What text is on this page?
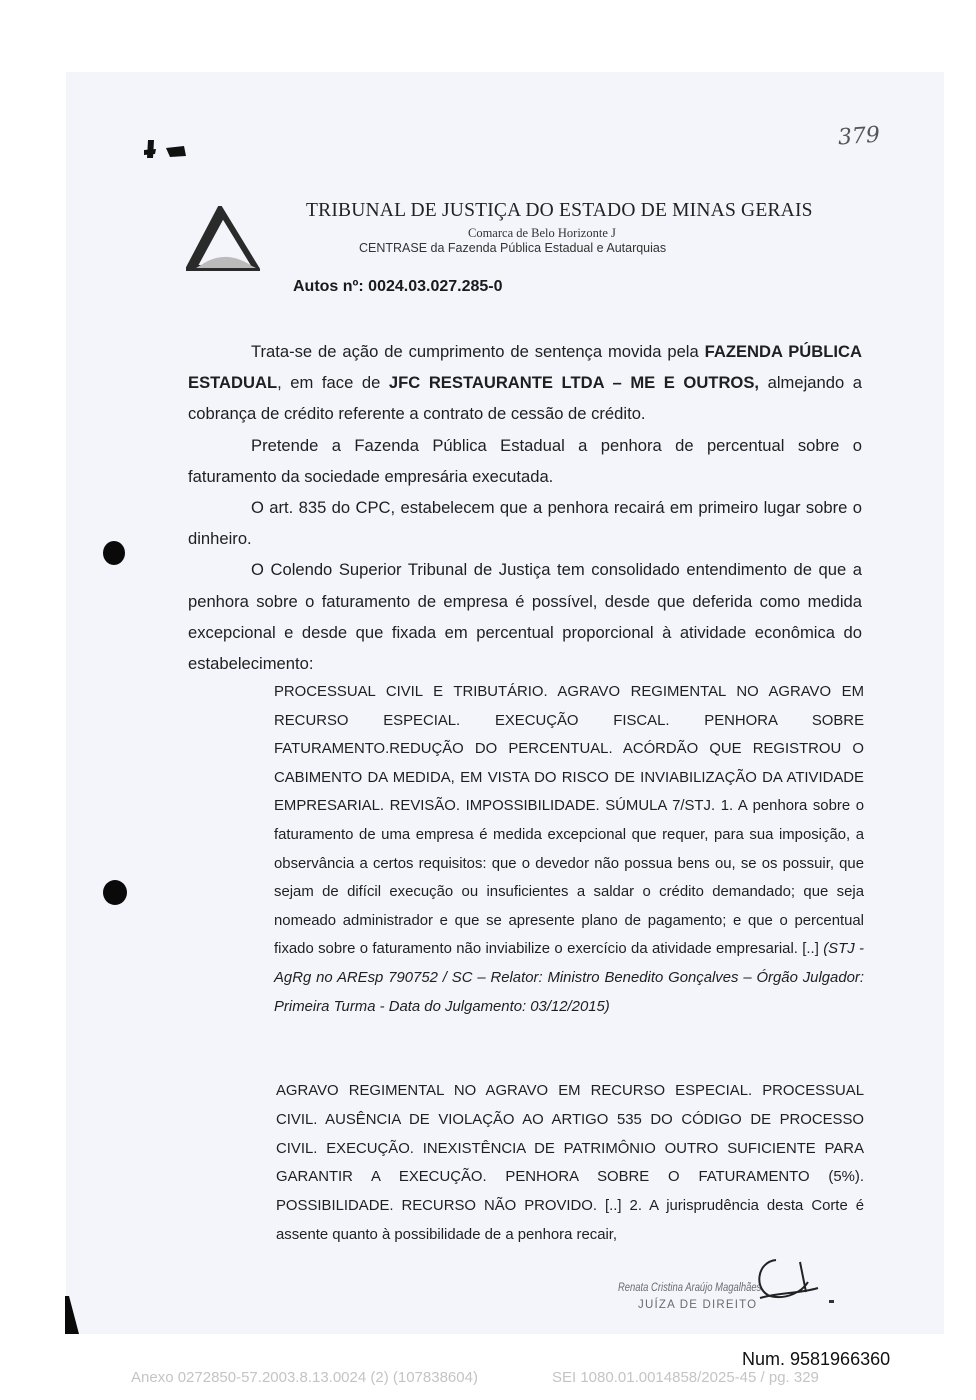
379
TRIBUNAL DE JUSTIÇA DO ESTADO DE MINAS GERAIS
Comarca de Belo Horizonte J
CENTRASE da Fazenda Pública Estadual e Autarquias
Autos nº: 0024.03.027.285-0

Trata-se de ação de cumprimento de sentença movida pela FAZENDA PÚBLICA ESTADUAL, em face de JFC RESTAURANTE LTDA – ME E OUTROS, almejando a cobrança de crédito referente a contrato de cessão de crédito.

Pretende a Fazenda Pública Estadual a penhora de percentual sobre o faturamento da sociedade empresária executada.

O art. 835 do CPC, estabelecem que a penhora recairá em primeiro lugar sobre o dinheiro.

O Colendo Superior Tribunal de Justiça tem consolidado entendimento de que a penhora sobre o faturamento de empresa é possível, desde que deferida como medida excepcional e desde que fixada em percentual proporcional à atividade econômica do estabelecimento:

PROCESSUAL CIVIL E TRIBUTÁRIO. AGRAVO REGIMENTAL NO AGRAVO EM RECURSO ESPECIAL. EXECUÇÃO FISCAL. PENHORA SOBRE FATURAMENTO.REDUÇÃO DO PERCENTUAL. ACÓRDÃO QUE REGISTROU O CABIMENTO DA MEDIDA, EM VISTA DO RISCO DE INVIABILIZAÇÃO DA ATIVIDADE EMPRESARIAL. REVISÃO. IMPOSSIBILIDADE. SÚMULA 7/STJ. 1. A penhora sobre o faturamento de uma empresa é medida excepcional que requer, para sua imposição, a observância a certos requisitos: que o devedor não possua bens ou, se os possuir, que sejam de difícil execução ou insuficientes a saldar o crédito demandado; que seja nomeado administrador e que se apresente plano de pagamento; e que o percentual fixado sobre o faturamento não inviabilize o exercício da atividade empresarial. [..] (STJ - AgRg no AREsp 790752 / SC – Relator: Ministro Benedito Gonçalves – Órgão Julgador: Primeira Turma - Data do Julgamento: 03/12/2015)

AGRAVO REGIMENTAL NO AGRAVO EM RECURSO ESPECIAL. PROCESSUAL CIVIL. AUSÊNCIA DE VIOLAÇÃO AO ARTIGO 535 DO CÓDIGO DE PROCESSO CIVIL. EXECUÇÃO. INEXISTÊNCIA DE PATRIMÔNIO OUTRO SUFICIENTE PARA GARANTIR A EXECUÇÃO. PENHORA SOBRE O FATURAMENTO (5%). POSSIBILIDADE. RECURSO NÃO PROVIDO. [..] 2. A jurisprudência desta Corte é assente quanto à possibilidade de a penhora recair,

Renata Cristina Araújo Magalhães
JUÍZA DE DIREITO
Num. 9581966360
Anexo 0272850-57.2003.8.13.0024 (2) (107838604)	SEI 1080.01.0014858/2025-45 / pg. 329
